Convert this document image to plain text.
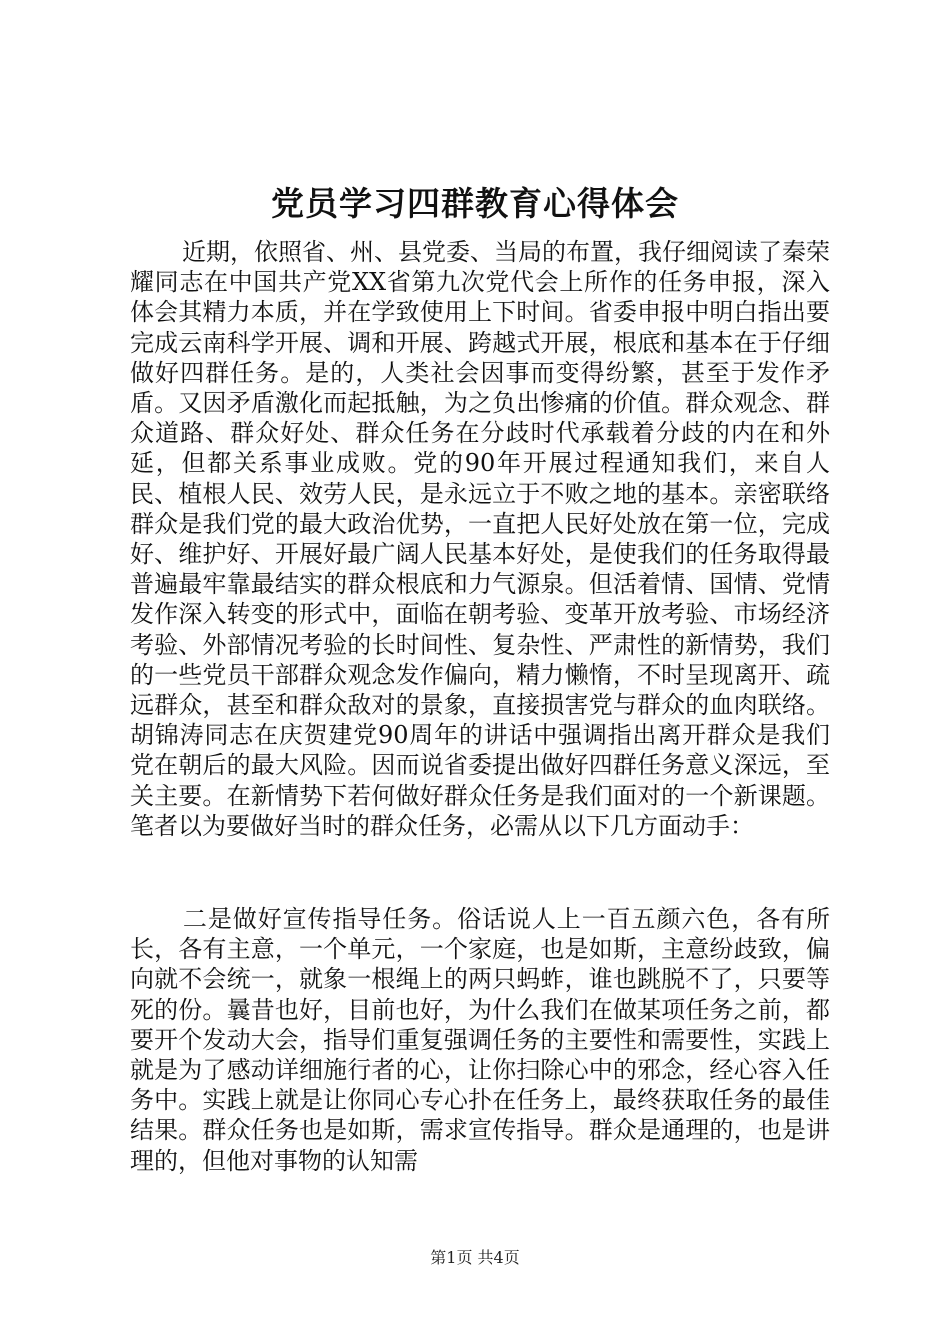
党员学习四群教育心得体会

近期，依照省、州、县党委、当局的布置，我仔细阅读了秦荣耀同志在中国共产党XX省第九次党代会上所作的任务申报，深入体会其精力本质，并在学致使用上下时间。省委申报中明白指出要完成云南科学开展、调和开展、跨越式开展，根底和基本在于仔细做好四群任务。是的，人类社会因事而变得纷繁，甚至于发作矛盾。又因矛盾激化而起抵触，为之负出惨痛的价值。群众观念、群众道路、群众好处、群众任务在分歧时代承载着分歧的内在和外延，但都关系事业成败。党的90年开展过程通知我们，来自人民、植根人民、效劳人民，是永远立于不败之地的基本。亲密联络群众是我们党的最大政治优势，一直把人民好处放在第一位，完成好、维护好、开展好最广阔人民基本好处，是使我们的任务取得最普遍最牢靠最结实的群众根底和力气源泉。但活着情、国情、党情发作深入转变的形式中，面临在朝考验、变革开放考验、市场经济考验、外部情况考验的长时间性、复杂性、严肃性的新情势，我们的一些党员干部群众观念发作偏向，精力懒惰，不时呈现离开、疏远群众，甚至和群众敌对的景象，直接损害党与群众的血肉联络。胡锦涛同志在庆贺建党90周年的讲话中强调指出离开群众是我们党在朝后的最大风险。因而说省委提出做好四群任务意义深远，至关主要。在新情势下若何做好群众任务是我们面对的一个新课题。笔者以为要做好当时的群众任务，必需从以下几方面动手：

二是做好宣传指导任务。俗话说人上一百五颜六色，各有所长，各有主意，一个单元，一个家庭，也是如斯，主意纷歧致，偏向就不会统一，就象一根绳上的两只蚂蚱，谁也跳脱不了，只要等死的份。曩昔也好，目前也好，为什么我们在做某项任务之前，都要开个发动大会，指导们重复强调任务的主要性和需要性，实践上就是为了感动详细施行者的心，让你扫除心中的邪念，经心容入任务中。实践上就是让你同心专心扑在任务上，最终获取任务的最佳结果。群众任务也是如斯，需求宣传指导。群众是通理的，也是讲理的，但他对事物的认知需

第1页 共4页
